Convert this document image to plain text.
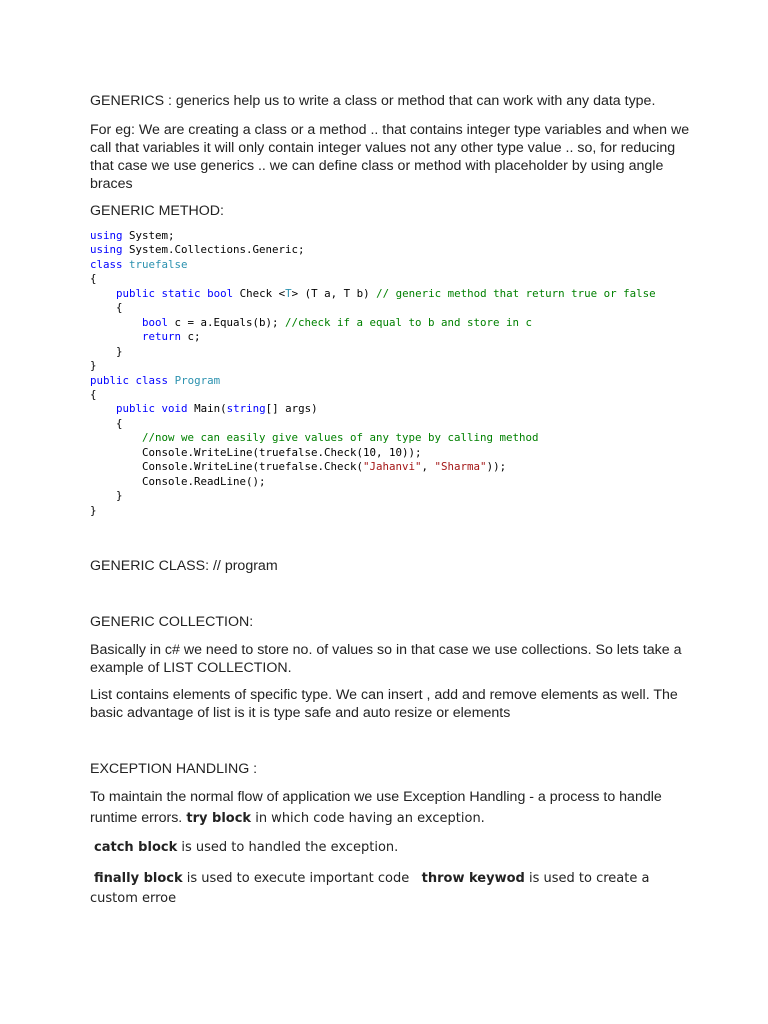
GENERICS : generics help us to write a class or method that can work with any data type.

For eg: We are creating a class or a method .. that contains integer type variables and when we call that variables it will only contain integer values not any other type value .. so, for reducing that case we use generics .. we can define class or method with placeholder by using angle braces

GENERIC METHOD:

using System;
using System.Collections.Generic;
class truefalse
{
public static bool Check <T> (T a, T b) // generic method that return true or false
{
bool c = a.Equals(b); //check if a equal to b and store in c
return c;
}
}
public class Program
{
public void Main(string[] args)
{
//now we can easily give values of any type by calling method
Console.WriteLine(truefalse.Check(10, 10));
Console.WriteLine(truefalse.Check("Jahanvi", "Sharma"));
Console.ReadLine();
}
}

GENERIC CLASS: // program

GENERIC COLLECTION:

Basically in c# we need to store no. of values so in that case we use collections. So lets take a example of LIST COLLECTION.

List contains elements of specific type. We can insert , add and remove elements as well. The basic advantage of list is it is type safe and auto resize or elements

EXCEPTION HANDLING :

To maintain the normal flow of application we use Exception Handling - a process to handle runtime errors. try block in which code having an exception.

catch block is used to handled the exception.

finally block is used to execute important code throw keywod is used to create a custom erroe
